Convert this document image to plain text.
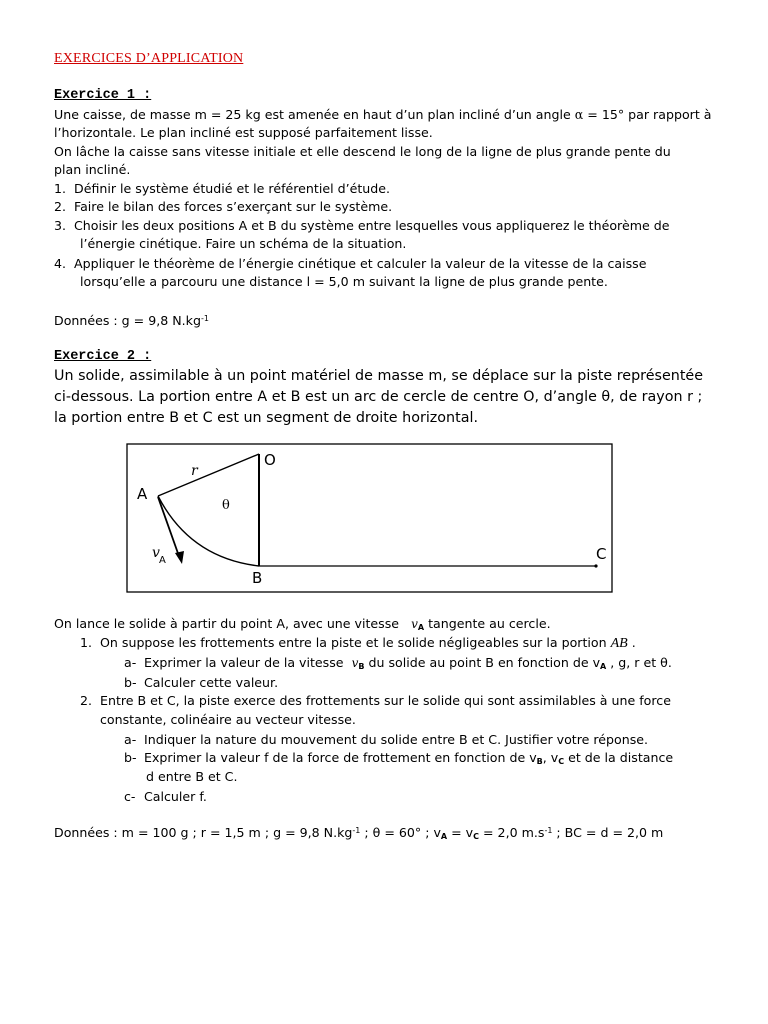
EXERCICES D’APPLICATION
Exercice 1 :
Une caisse, de masse m = 25 kg est amenée en haut d’un plan incliné d’un angle α = 15° par rapport à
l’horizontale. Le plan incliné est supposé parfaitement lisse.
On lâche la caisse sans vitesse initiale et elle descend le long de la ligne de plus grande pente du
plan incliné.
1. Définir le système étudié et le référentiel d’étude.
2. Faire le bilan des forces s’exerçant sur le système.
3. Choisir les deux positions A et B du système entre lesquelles vous appliquerez le théorème de
l’énergie cinétique. Faire un schéma de la situation.
4. Appliquer le théorème de l’énergie cinétique et calculer la valeur de la vitesse de la caisse
lorsqu’elle a parcouru une distance l = 5,0 m suivant la ligne de plus grande pente.
Données : g = 9,8 $N.kg^{-1}$
Exercice 2 :
Un solide, assimilable à un point matériel de masse m, se déplace sur la piste représentée
ci-dessous. La portion entre A et B est un arc de cercle de centre O, d’angle θ, de rayon r ;
la portion entre B et C est un segment de droite horizontal.
A
O
B
C
r
θ
v A
On lance le solide à partir du point A, avec une vitesse vA tangente au cercle.
1. On suppose les frottements entre la piste et le solide négligeables sur la portion AB .
a- Exprimer la valeur de la vitesse vB du solide au point B en fonction de vA , g, r et θ.
b- Calculer cette valeur.
2. Entre B et C, la piste exerce des frottements sur le solide qui sont assimilables à une force
constante, colinéaire au vecteur vitesse.
a- Indiquer la nature du mouvement du solide entre B et C. Justifier votre réponse.
b- Exprimer la valeur f de la force de frottement en fonction de vB, vC et de la distance
d entre B et C.
c- Calculer f.
Données : m = 100 g ; r = 1,5 m ; g = 9,8 $N.kg^{-1}$ ; θ = 60° ; vA = vC = 2,0 $m.s^{-1}$ ; BC = d = 2,0 m
